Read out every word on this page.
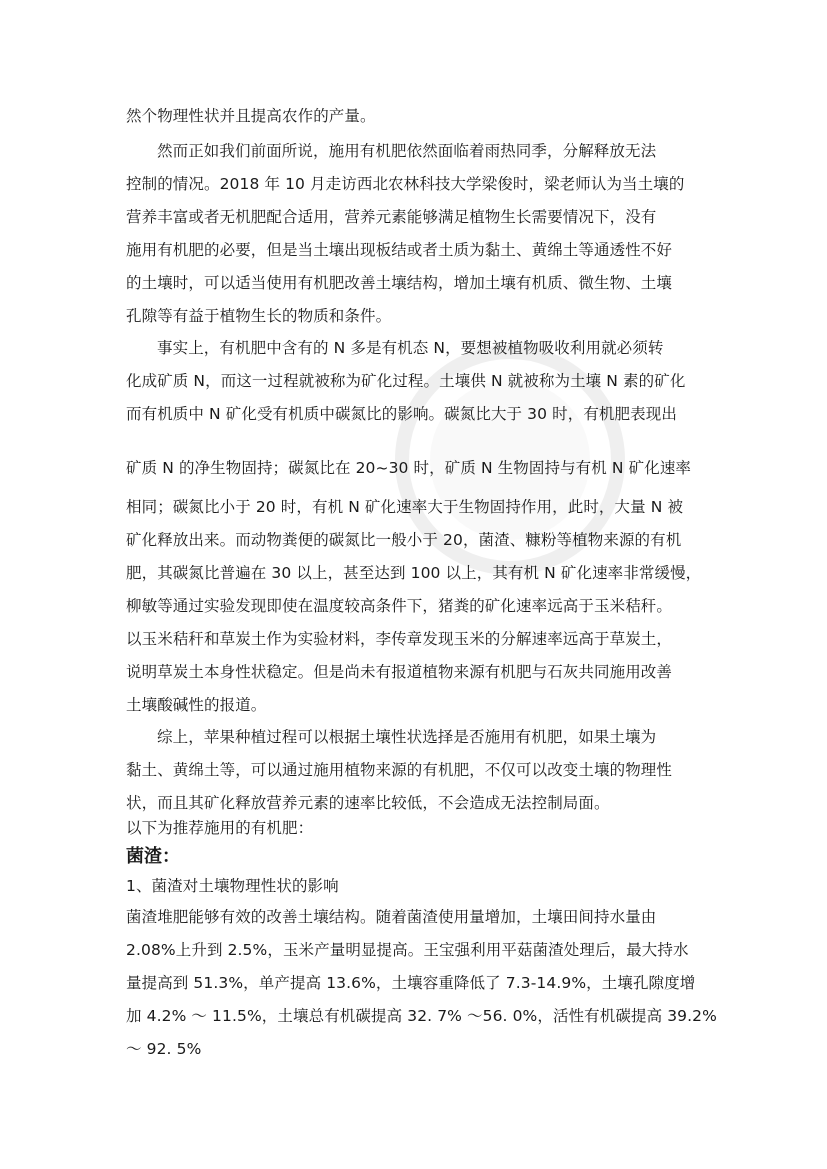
然个物理性状并且提高农作的产量。
然而正如我们前面所说，施用有机肥依然面临着雨热同季，分解释放无法
控制的情况。2018 年 10 月走访西北农林科技大学梁俊时，梁老师认为当土壤的
营养丰富或者无机肥配合适用，营养元素能够满足植物生长需要情况下，没有
施用有机肥的必要，但是当土壤出现板结或者土质为黏土、黄绵土等通透性不好
的土壤时，可以适当使用有机肥改善土壤结构，增加土壤有机质、微生物、土壤
孔隙等有益于植物生长的物质和条件。
事实上，有机肥中含有的 N 多是有机态 N，要想被植物吸收利用就必须转
化成矿质 N，而这一过程就被称为矿化过程。土壤供 N 就被称为土壤 N 素的矿化
而有机质中 N 矿化受有机质中碳氮比的影响。碳氮比大于 30 时，有机肥表现出
矿质 N 的净生物固持；碳氮比在 20~30 时，矿质 N 生物固持与有机 N 矿化速率
相同；碳氮比小于 20 时，有机 N 矿化速率大于生物固持作用，此时，大量 N 被
矿化释放出来。而动物粪便的碳氮比一般小于 20，菌渣、糠粉等植物来源的有机
肥，其碳氮比普遍在 30 以上，甚至达到 100 以上，其有机 N 矿化速率非常缓慢，
柳敏等通过实验发现即使在温度较高条件下，猪粪的矿化速率远高于玉米秸秆。
以玉米秸秆和草炭土作为实验材料，李传章发现玉米的分解速率远高于草炭土，
说明草炭土本身性状稳定。但是尚未有报道植物来源有机肥与石灰共同施用改善
土壤酸碱性的报道。
综上，苹果种植过程可以根据土壤性状选择是否施用有机肥，如果土壤为
黏土、黄绵土等，可以通过施用植物来源的有机肥，不仅可以改变土壤的物理性
状，而且其矿化释放营养元素的速率比较低，不会造成无法控制局面。
以下为推荐施用的有机肥：
菌渣：
1、菌渣对土壤物理性状的影响
菌渣堆肥能够有效的改善土壤结构。随着菌渣使用量增加，土壤田间持水量由
2.08%上升到 2.5%，玉米产量明显提高。王宝强利用平菇菌渣处理后，最大持水
量提高到 51.3%，单产提高 13.6%，土壤容重降低了 7.3-14.9%，土壤孔隙度增
加 4.2% ～ 11.5%，土壤总有机碳提高 32. 7% ～56. 0%，活性有机碳提高 39.2%
～ 92. 5%
